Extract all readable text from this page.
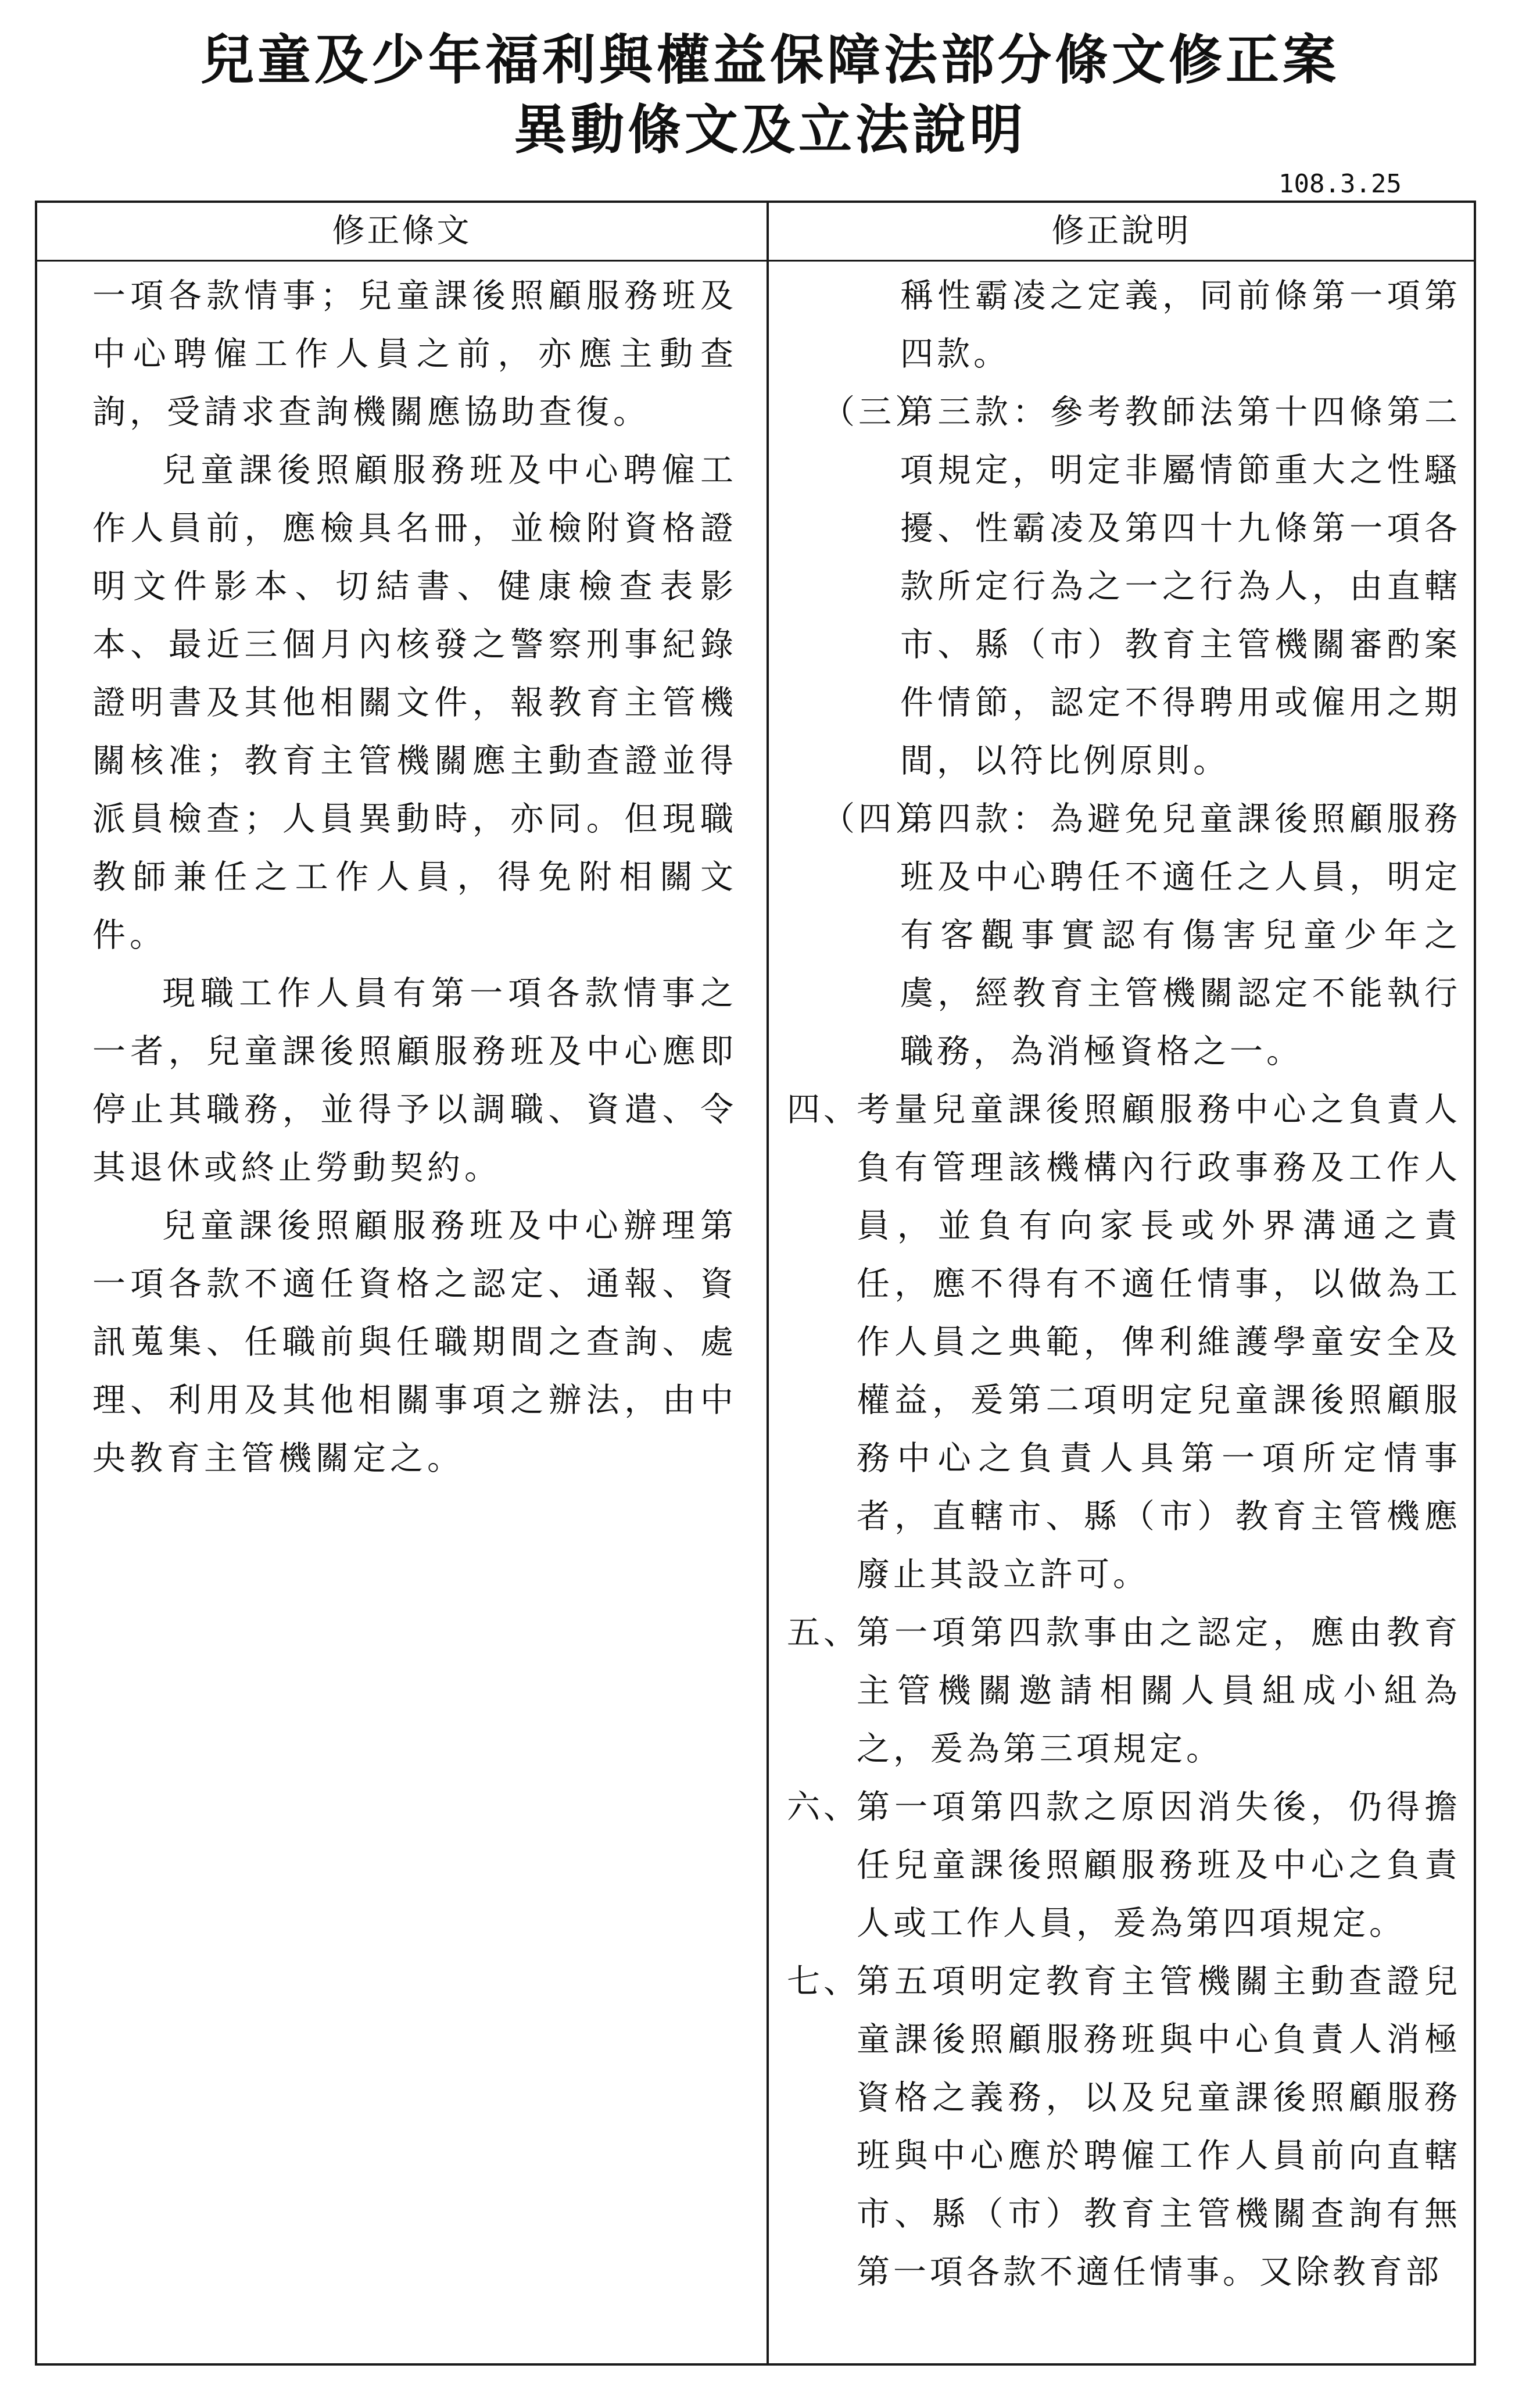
兒童及少年福利與權益保障法部分條文修正案
異動條文及立法說明
108.3.25
修正條文	修正說明
一項各款情事；兒童課後照顧服務班及中心聘僱工作人員之前，亦應主動查詢，受請求查詢機關應協助查復。
兒童課後照顧服務班及中心聘僱工作人員前，應檢具名冊，並檢附資格證明文件影本、切結書、健康檢查表影本、最近三個月內核發之警察刑事紀錄證明書及其他相關文件，報教育主管機關核准；教育主管機關應主動查證並得派員檢查；人員異動時，亦同。但現職教師兼任之工作人員，得免附相關文件。
現職工作人員有第一項各款情事之一者，兒童課後照顧服務班及中心應即停止其職務，並得予以調職、資遣、令其退休或終止勞動契約。
兒童課後照顧服務班及中心辦理第一項各款不適任資格之認定、通報、資訊蒐集、任職前與任職期間之查詢、處理、利用及其他相關事項之辦法，由中央教育主管機關定之。
稱性霸凌之定義，同前條第一項第四款。
（三）
第三款：參考教師法第十四條第二項規定，明定非屬情節重大之性騷擾、性霸凌及第四十九條第一項各款所定行為之一之行為人，由直轄市、縣（市）教育主管機關審酌案件情節，認定不得聘用或僱用之期間，以符比例原則。
（四）
第四款：為避免兒童課後照顧服務班及中心聘任不適任之人員，明定有客觀事實認有傷害兒童少年之虞，經教育主管機關認定不能執行職務，為消極資格之一。
四、
考量兒童課後照顧服務中心之負責人負有管理該機構內行政事務及工作人員，並負有向家長或外界溝通之責任，應不得有不適任情事，以做為工作人員之典範，俾利維護學童安全及權益，爰第二項明定兒童課後照顧服務中心之負責人具第一項所定情事者，直轄市、縣（市）教育主管機應廢止其設立許可。
五、
第一項第四款事由之認定，應由教育主管機關邀請相關人員組成小組為之，爰為第三項規定。
六、
第一項第四款之原因消失後，仍得擔任兒童課後照顧服務班及中心之負責人或工作人員，爰為第四項規定。
七、
第五項明定教育主管機關主動查證兒童課後照顧服務班與中心負責人消極資格之義務，以及兒童課後照顧服務班與中心應於聘僱工作人員前向直轄市、縣（市）教育主管機關查詢有無第一項各款不適任情事。又除教育部
